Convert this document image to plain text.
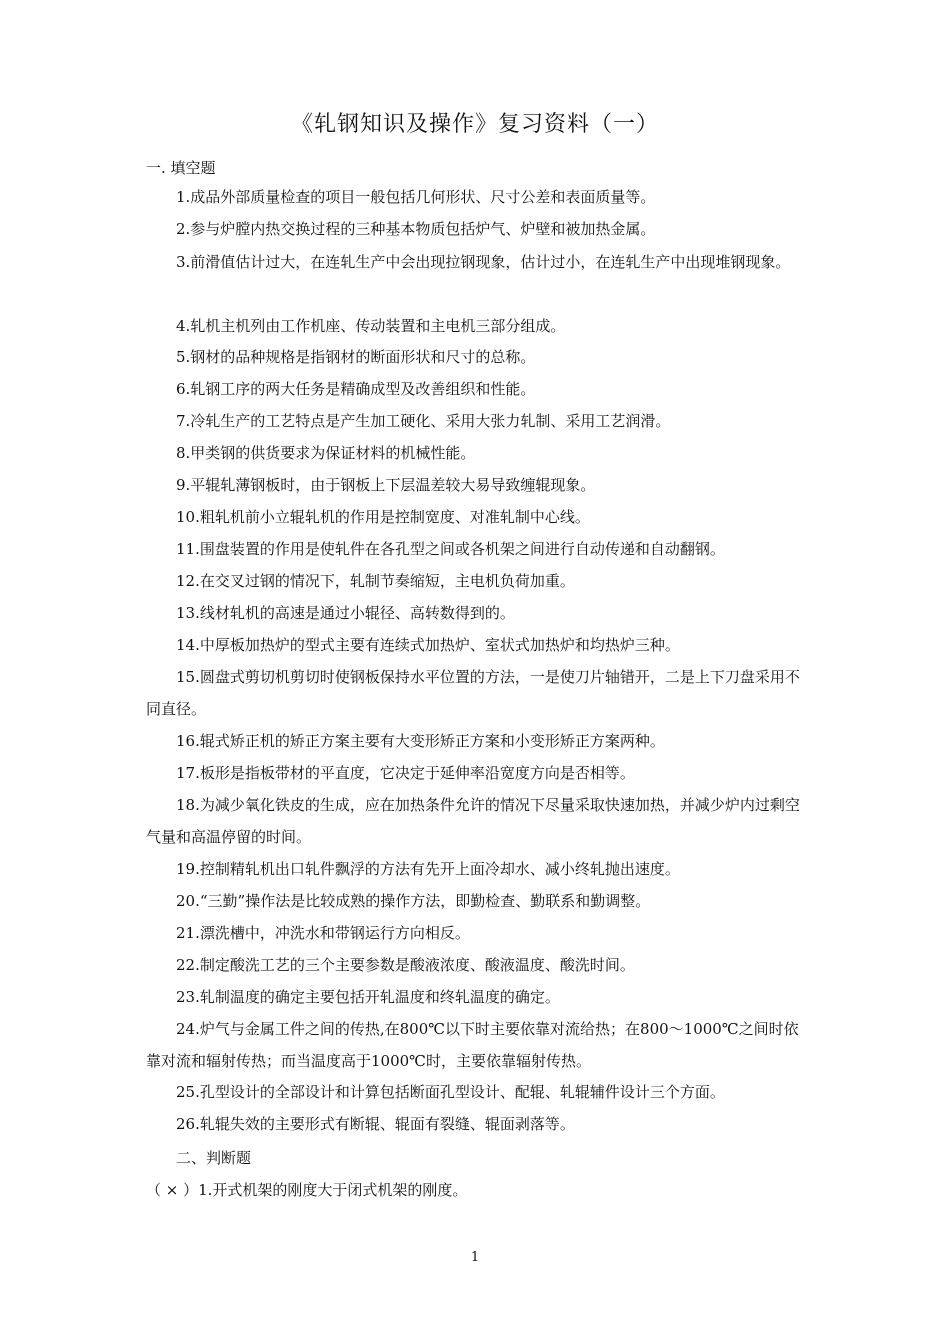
《轧钢知识及操作》复习资料（一）
一. 填空题
1.成品外部质量检查的项目一般包括几何形状、尺寸公差和表面质量等。
2.参与炉膛内热交换过程的三种基本物质包括炉气、炉壁和被加热金属。
3.前滑值估计过大，在连轧生产中会出现拉钢现象，估计过小，在连轧生产中出现堆钢现象。
4.轧机主机列由工作机座、传动装置和主电机三部分组成。
5.钢材的品种规格是指钢材的断面形状和尺寸的总称。
6.轧钢工序的两大任务是精确成型及改善组织和性能。
7.冷轧生产的工艺特点是产生加工硬化、采用大张力轧制、采用工艺润滑。
8.甲类钢的供货要求为保证材料的机械性能。
9.平辊轧薄钢板时，由于钢板上下层温差较大易导致缠辊现象。
10.粗轧机前小立辊轧机的作用是控制宽度、对准轧制中心线。
11.围盘装置的作用是使轧件在各孔型之间或各机架之间进行自动传递和自动翻钢。
12.在交叉过钢的情况下，轧制节奏缩短，主电机负荷加重。
13.线材轧机的高速是通过小辊径、高转数得到的。
14.中厚板加热炉的型式主要有连续式加热炉、室状式加热炉和均热炉三种。
15.圆盘式剪切机剪切时使钢板保持水平位置的方法，一是使刀片轴错开，二是上下刀盘采用不同直径。
16.辊式矫正机的矫正方案主要有大变形矫正方案和小变形矫正方案两种。
17.板形是指板带材的平直度，它决定于延伸率沿宽度方向是否相等。
18.为减少氧化铁皮的生成，应在加热条件允许的情况下尽量采取快速加热，并减少炉内过剩空气量和高温停留的时间。
19.控制精轧机出口轧件飘浮的方法有先开上面冷却水、减小终轧抛出速度。
20.“三勤”操作法是比较成熟的操作方法，即勤检查、勤联系和勤调整。
21.漂洗槽中，冲洗水和带钢运行方向相反。
22.制定酸洗工艺的三个主要参数是酸液浓度、酸液温度、酸洗时间。
23.轧制温度的确定主要包括开轧温度和终轧温度的确定。
24.炉气与金属工件之间的传热,在800℃以下时主要依靠对流给热；在800～1000℃之间时依靠对流和辐射传热；而当温度高于1000℃时，主要依靠辐射传热。
25.孔型设计的全部设计和计算包括断面孔型设计、配辊、轧辊辅件设计三个方面。
26.轧辊失效的主要形式有断辊、辊面有裂缝、辊面剥落等。
二、判断题
（ × ）1.开式机架的刚度大于闭式机架的刚度。
1
